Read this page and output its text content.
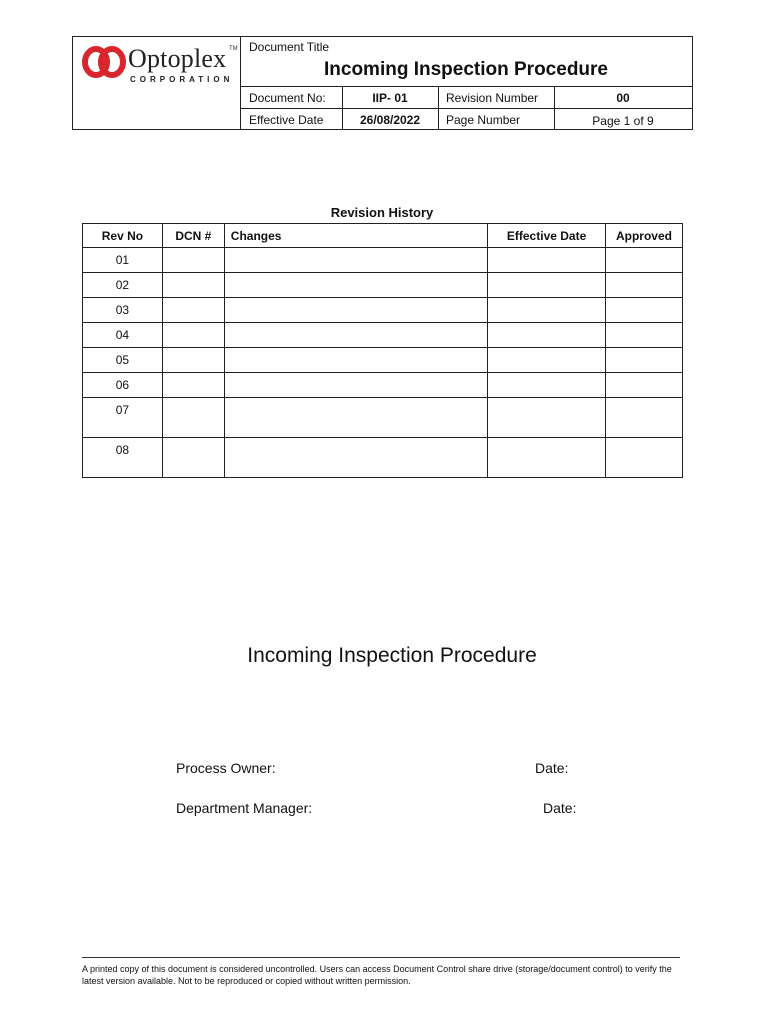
Optoplex TM
CORPORATION
Document Title
Incoming Inspection Procedure
Document No:	IIP- 01	Revision Number	00
Effective Date	26/08/2022	Page Number	Page 1 of 9
Revision History
Rev No	DCN #	Changes	Effective Date	Approved
01				
02				
03				
04				
05				
06				
07				
08				
Incoming Inspection Procedure
Process Owner:	Date:
Department Manager:	Date:
A printed copy of this document is considered uncontrolled. Users can access Document Control share drive (storage/document control) to verify the latest version available. Not to be reproduced or copied without written permission.
